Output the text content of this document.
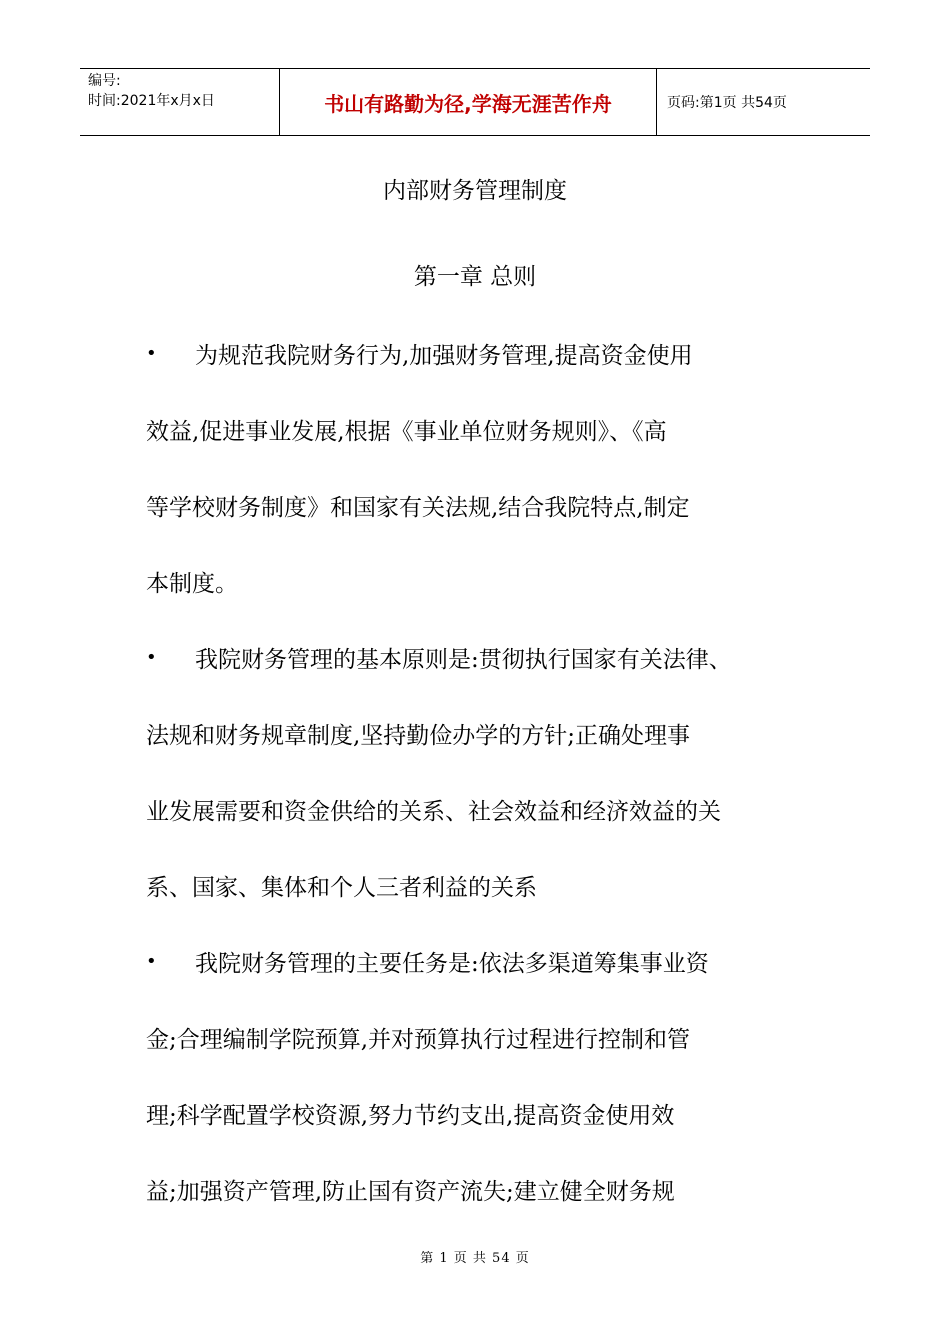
编号:
时间:2021年x月x日	书山有路勤为径,学海无涯苦作舟	页码:第1页 共54页
内部财务管理制度
第一章 总则
•	为规范我院财务行为,加强财务管理,提高资金使用
效益,促进事业发展,根据《事业单位财务规则》、《高
等学校财务制度》和国家有关法规,结合我院特点,制定
本制度。
•	我院财务管理的基本原则是:贯彻执行国家有关法律、
法规和财务规章制度,坚持勤俭办学的方针;正确处理事
业发展需要和资金供给的关系、社会效益和经济效益的关
系、国家、集体和个人三者利益的关系
•	我院财务管理的主要任务是:依法多渠道筹集事业资
金;合理编制学院预算,并对预算执行过程进行控制和管
理;科学配置学校资源,努力节约支出,提高资金使用效
益;加强资产管理,防止国有资产流失;建立健全财务规
第 1 页 共 54 页
